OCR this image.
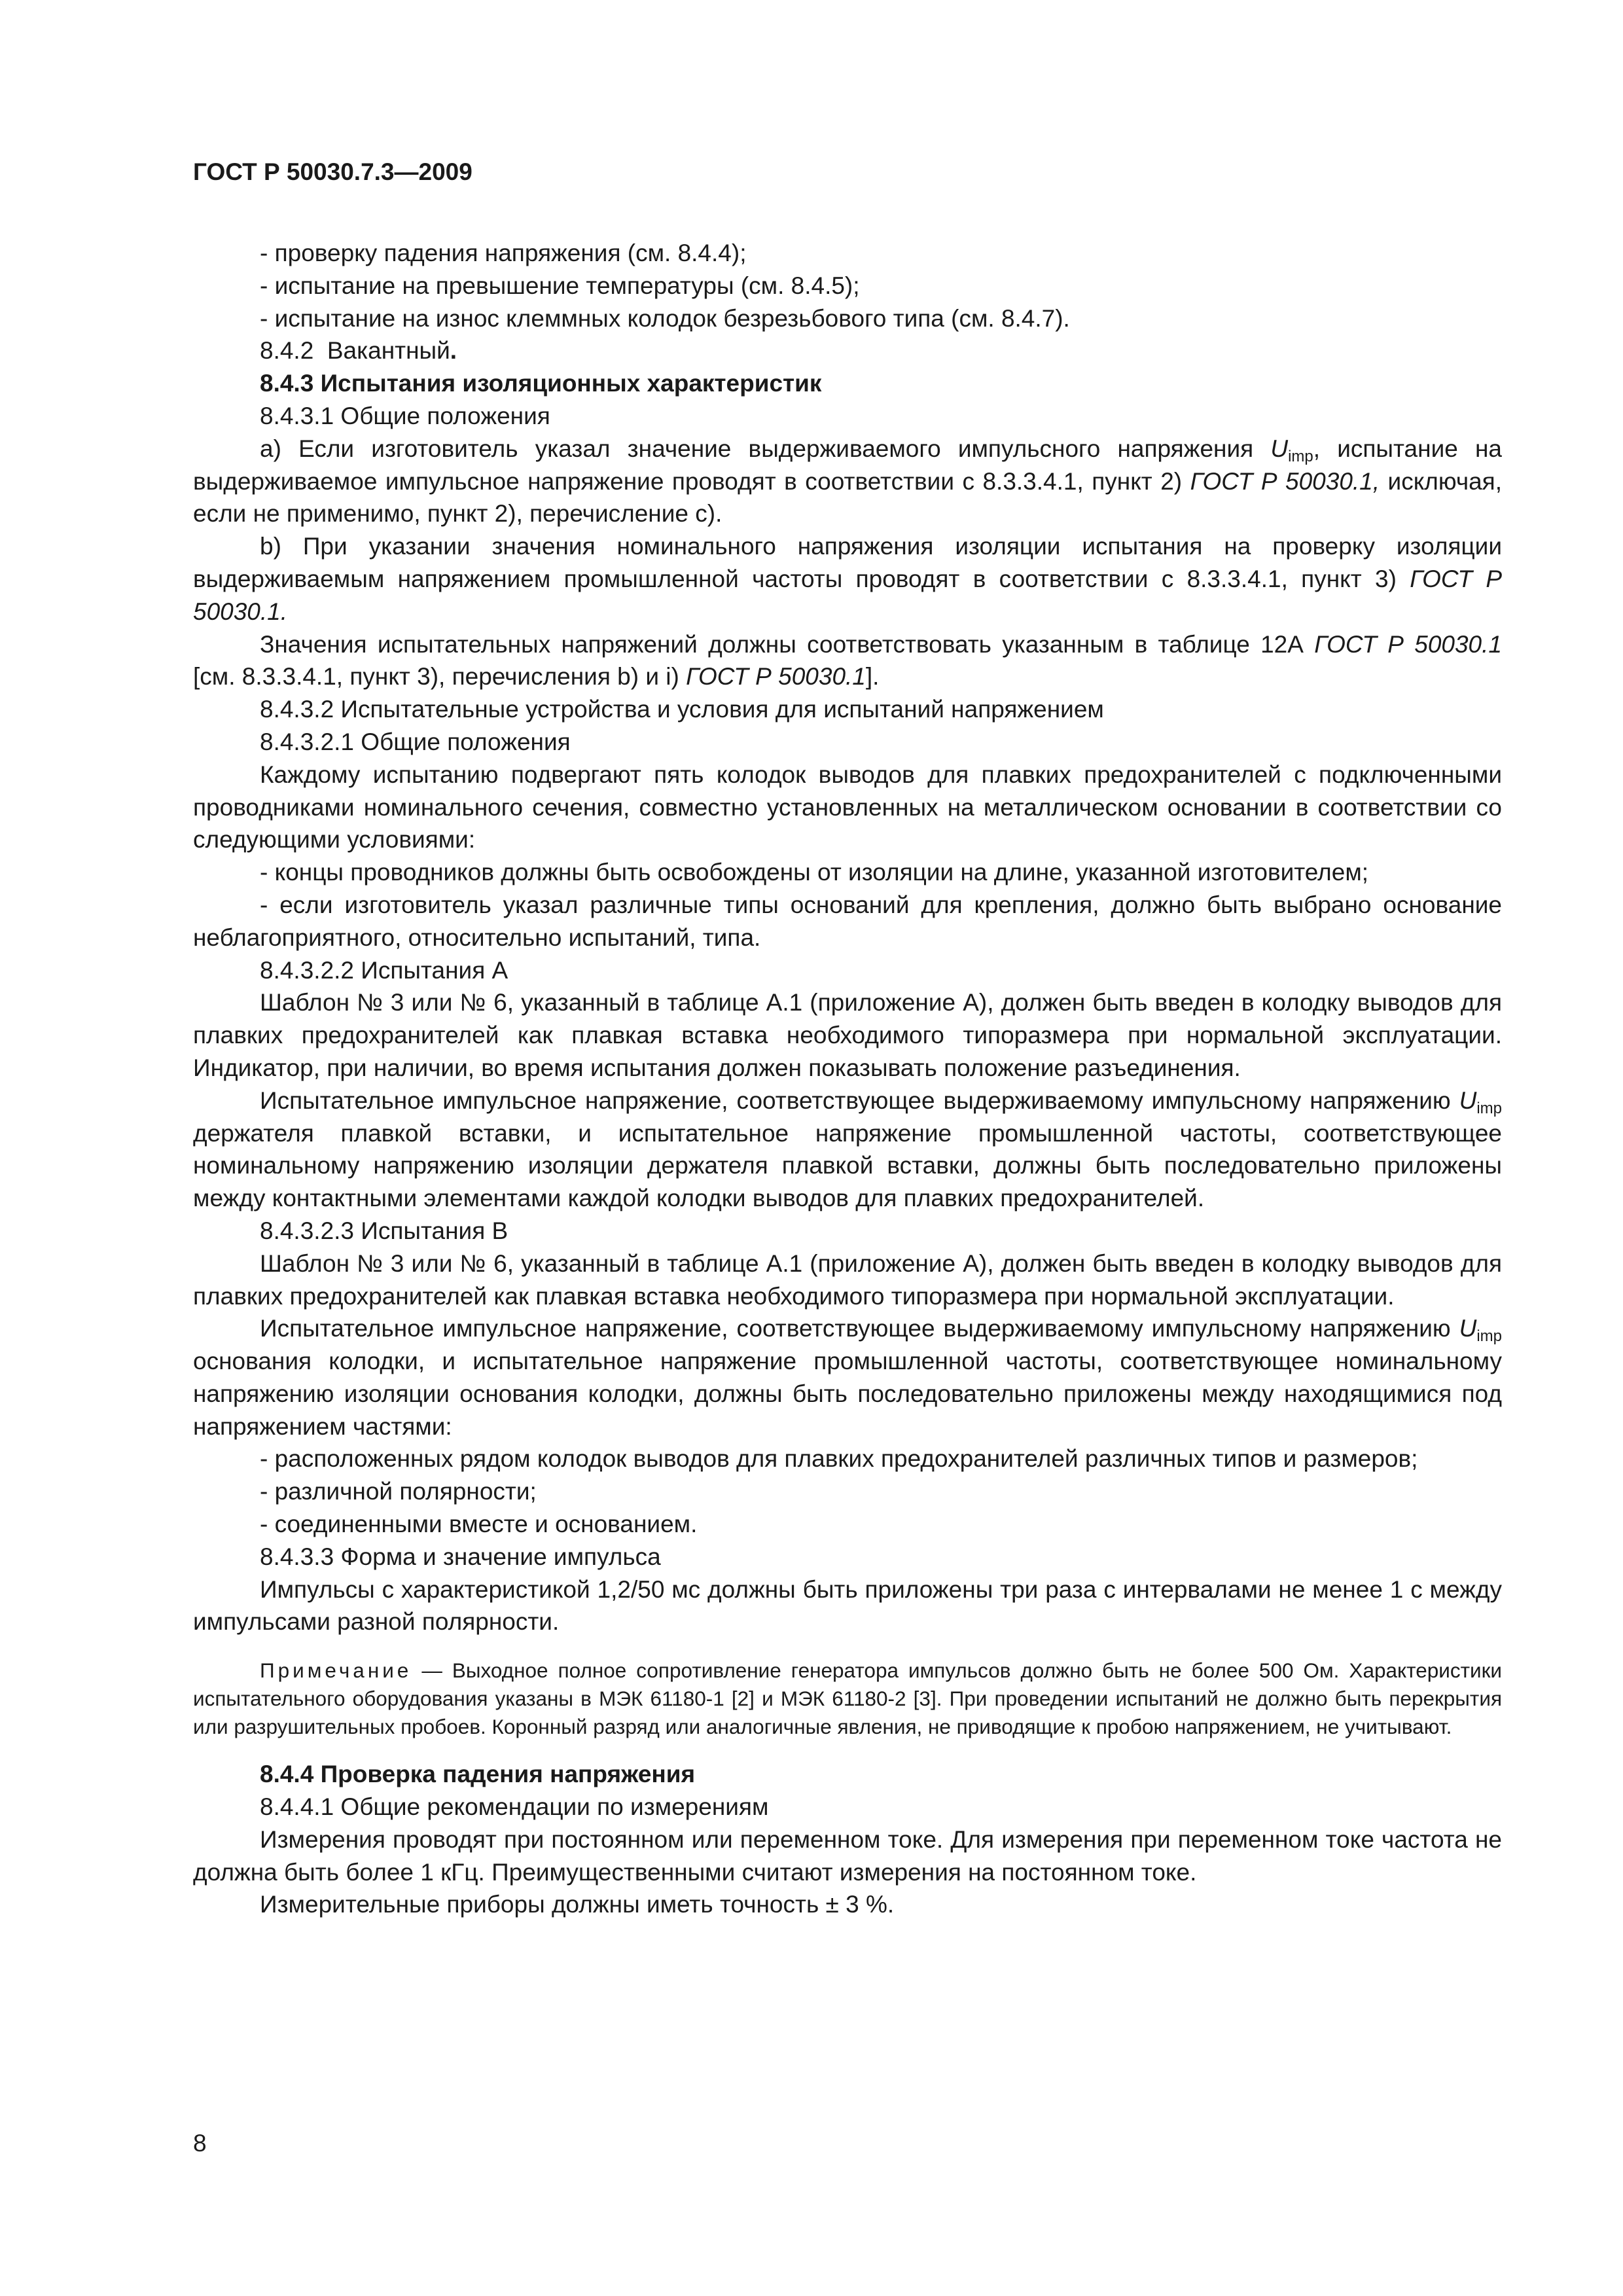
ГОСТ Р 50030.7.3—2009

- проверку падения напряжения (см. 8.4.4);

- испытание на превышение температуры (см. 8.4.5);

- испытание на износ клеммных колодок безрезьбового типа (см. 8.4.7).

8.4.2 Вакантный.

8.4.3 Испытания изоляционных характеристик

8.4.3.1 Общие положения

а) Если изготовитель указал значение выдерживаемого импульсного напряжения $U_{imp}$, испытание на выдерживаемое импульсное напряжение проводят в соответствии с 8.3.3.4.1, пункт 2) ГОСТ Р 50030.1, исключая, если не применимо, пункт 2), перечисление с).

b) При указании значения номинального напряжения изоляции испытания на проверку изоляции выдерживаемым напряжением промышленной частоты проводят в соответствии с 8.3.3.4.1, пункт 3) ГОСТ Р 50030.1.

Значения испытательных напряжений должны соответствовать указанным в таблице 12А ГОСТ Р 50030.1 [см. 8.3.3.4.1, пункт 3), перечисления b) и i) ГОСТ Р 50030.1].

8.4.3.2 Испытательные устройства и условия для испытаний напряжением

8.4.3.2.1 Общие положения

Каждому испытанию подвергают пять колодок выводов для плавких предохранителей с подключенными проводниками номинального сечения, совместно установленных на металлическом основании в соответствии со следующими условиями:

- концы проводников должны быть освобождены от изоляции на длине, указанной изготовителем;

- если изготовитель указал различные типы оснований для крепления, должно быть выбрано основание неблагоприятного, относительно испытаний, типа.

8.4.3.2.2 Испытания А

Шаблон № 3 или № 6, указанный в таблице А.1 (приложение А), должен быть введен в колодку выводов для плавких предохранителей как плавкая вставка необходимого типоразмера при нормальной эксплуатации. Индикатор, при наличии, во время испытания должен показывать положение разъединения.

Испытательное импульсное напряжение, соответствующее выдерживаемому импульсному напряжению $U_{imp}$ держателя плавкой вставки, и испытательное напряжение промышленной частоты, соответствующее номинальному напряжению изоляции держателя плавкой вставки, должны быть последовательно приложены между контактными элементами каждой колодки выводов для плавких предохранителей.

8.4.3.2.3 Испытания В

Шаблон № 3 или № 6, указанный в таблице А.1 (приложение А), должен быть введен в колодку выводов для плавких предохранителей как плавкая вставка необходимого типоразмера при нормальной эксплуатации.

Испытательное импульсное напряжение, соответствующее выдерживаемому импульсному напряжению $U_{imp}$ основания колодки, и испытательное напряжение промышленной частоты, соответствующее номинальному напряжению изоляции основания колодки, должны быть последовательно приложены между находящимися под напряжением частями:

- расположенных рядом колодок выводов для плавких предохранителей различных типов и размеров;

- различной полярности;

- соединенными вместе и основанием.

8.4.3.3 Форма и значение импульса

Импульсы с характеристикой 1,2/50 мс должны быть приложены три раза с интервалами не менее 1 с между импульсами разной полярности.

Примечание — Выходное полное сопротивление генератора импульсов должно быть не более 500 Ом. Характеристики испытательного оборудования указаны в МЭК 61180-1 [2] и МЭК 61180-2 [3]. При проведении испытаний не должно быть перекрытия или разрушительных пробоев. Коронный разряд или аналогичные явления, не приводящие к пробою напряжением, не учитывают.

8.4.4 Проверка падения напряжения

8.4.4.1 Общие рекомендации по измерениям

Измерения проводят при постоянном или переменном токе. Для измерения при переменном токе частота не должна быть более 1 кГц. Преимущественными считают измерения на постоянном токе.

Измерительные приборы должны иметь точность ± 3 %.

8
